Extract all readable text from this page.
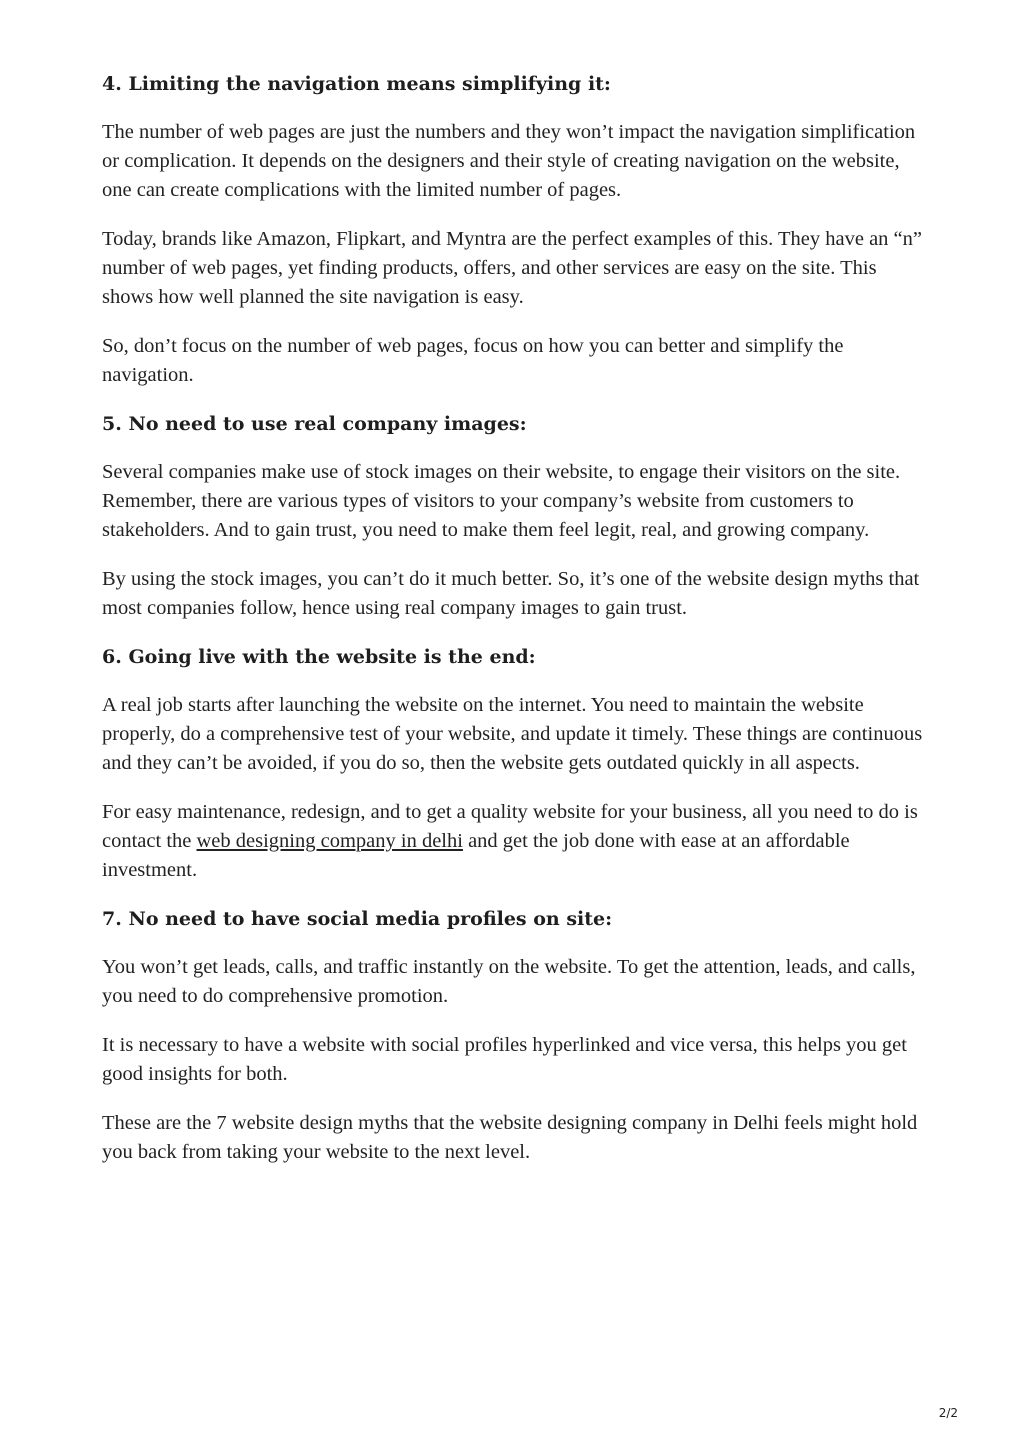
4. Limiting the navigation means simplifying it:

The number of web pages are just the numbers and they won’t impact the navigation simplification or complication. It depends on the designers and their style of creating navigation on the website, one can create complications with the limited number of pages.

Today, brands like Amazon, Flipkart, and Myntra are the perfect examples of this. They have an “n” number of web pages, yet finding products, offers, and other services are easy on the site. This shows how well planned the site navigation is easy.

So, don’t focus on the number of web pages, focus on how you can better and simplify the navigation.

5. No need to use real company images:

Several companies make use of stock images on their website, to engage their visitors on the site. Remember, there are various types of visitors to your company’s website from customers to stakeholders. And to gain trust, you need to make them feel legit, real, and growing company.

By using the stock images, you can’t do it much better. So, it’s one of the website design myths that most companies follow, hence using real company images to gain trust.

6. Going live with the website is the end:

A real job starts after launching the website on the internet. You need to maintain the website properly, do a comprehensive test of your website, and update it timely. These things are continuous and they can’t be avoided, if you do so, then the website gets outdated quickly in all aspects.

For easy maintenance, redesign, and to get a quality website for your business, all you need to do is contact the web designing company in delhi and get the job done with ease at an affordable investment.

7. No need to have social media profiles on site:

You won’t get leads, calls, and traffic instantly on the website. To get the attention, leads, and calls, you need to do comprehensive promotion.

It is necessary to have a website with social profiles hyperlinked and vice versa, this helps you get good insights for both.

These are the 7 website design myths that the website designing company in Delhi feels might hold you back from taking your website to the next level.

2/2
